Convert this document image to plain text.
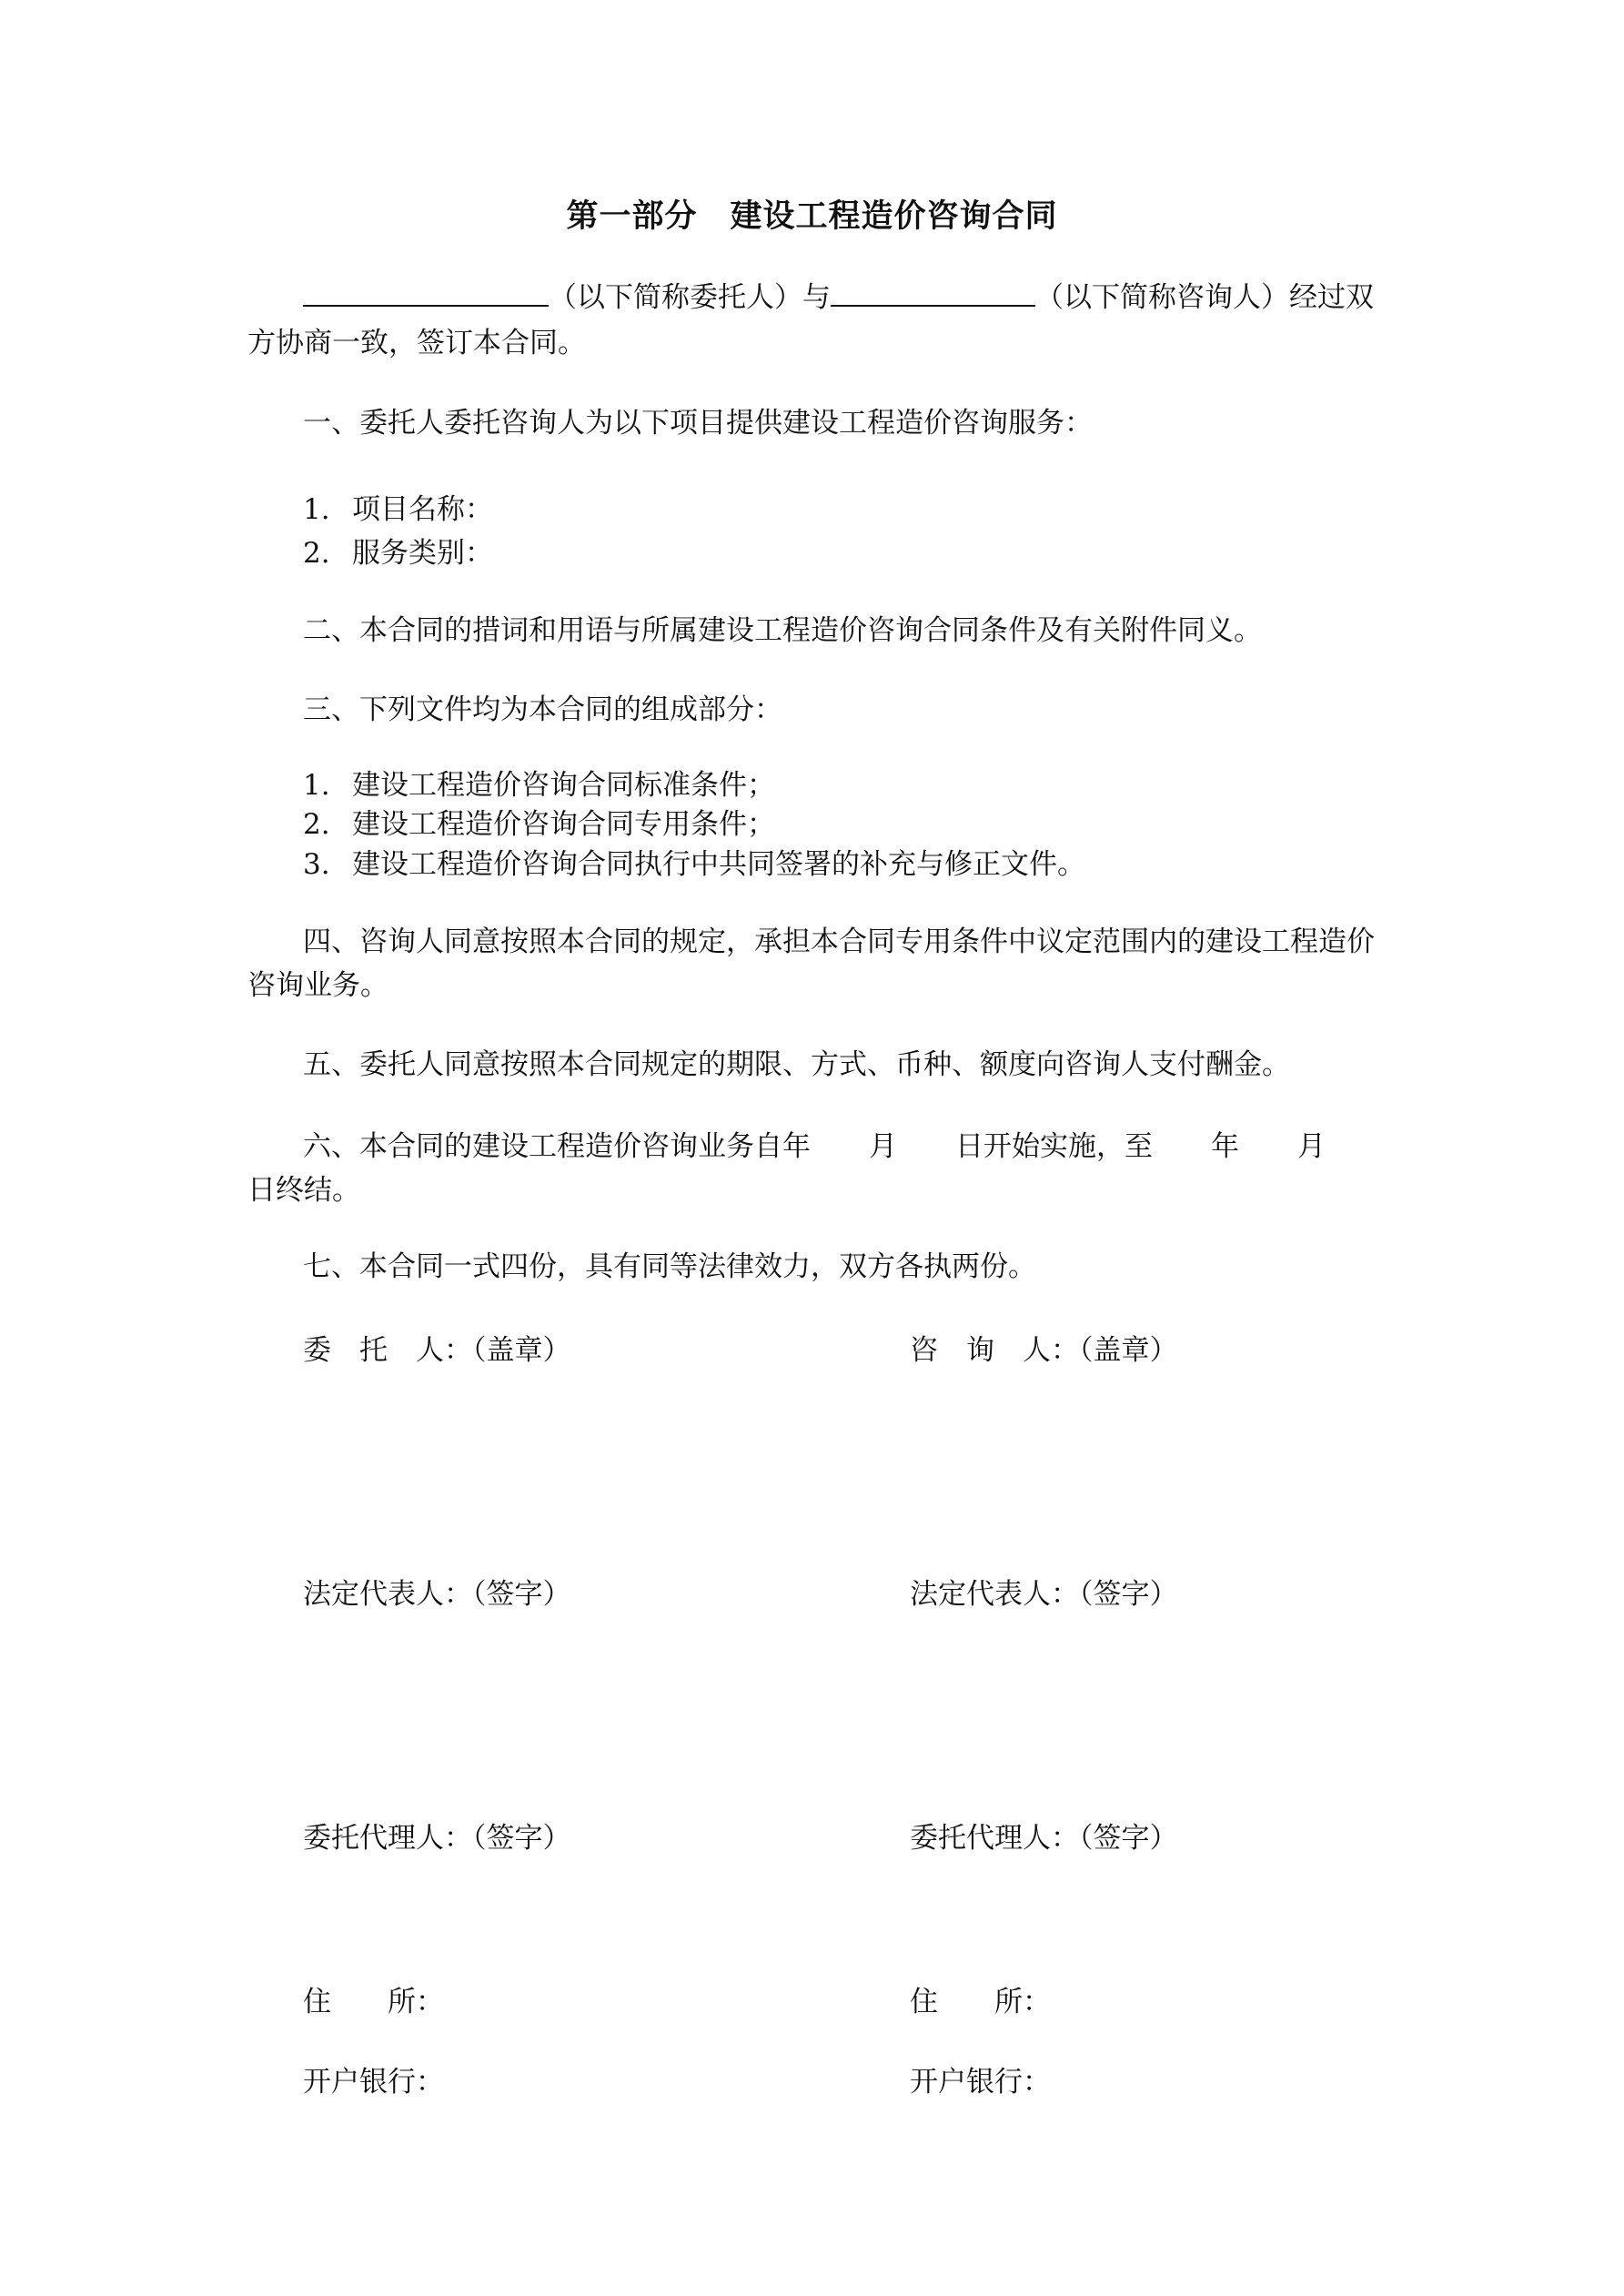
第一部分　建设工程造价咨询合同
（以下简称委托人）与	（以下简称咨询人）经过双
方协商一致，签订本合同。
一、委托人委托咨询人为以下项目提供建设工程造价咨询服务：
1. 项目名称：
2. 服务类别：
二、本合同的措词和用语与所属建设工程造价咨询合同条件及有关附件同义。
三、下列文件均为本合同的组成部分：
1. 建设工程造价咨询合同标准条件；
2. 建设工程造价咨询合同专用条件；
3. 建设工程造价咨询合同执行中共同签署的补充与修正文件。
四、咨询人同意按照本合同的规定，承担本合同专用条件中议定范围内的建设工程造价
咨询业务。
五、委托人同意按照本合同规定的期限、方式、币种、额度向咨询人支付酬金。
六、本合同的建设工程造价咨询业务自年 月 日开始实施，至 年 月
日终结。
七、本合同一式四份，具有同等法律效力，双方各执两份。
委　托　人：（盖章）	咨　询　人：（盖章）
法定代表人：（签字）	法定代表人：（签字）
委托代理人：（签字）	委托代理人：（签字）
住　　所：	住　　所：
开户银行：	开户银行：
